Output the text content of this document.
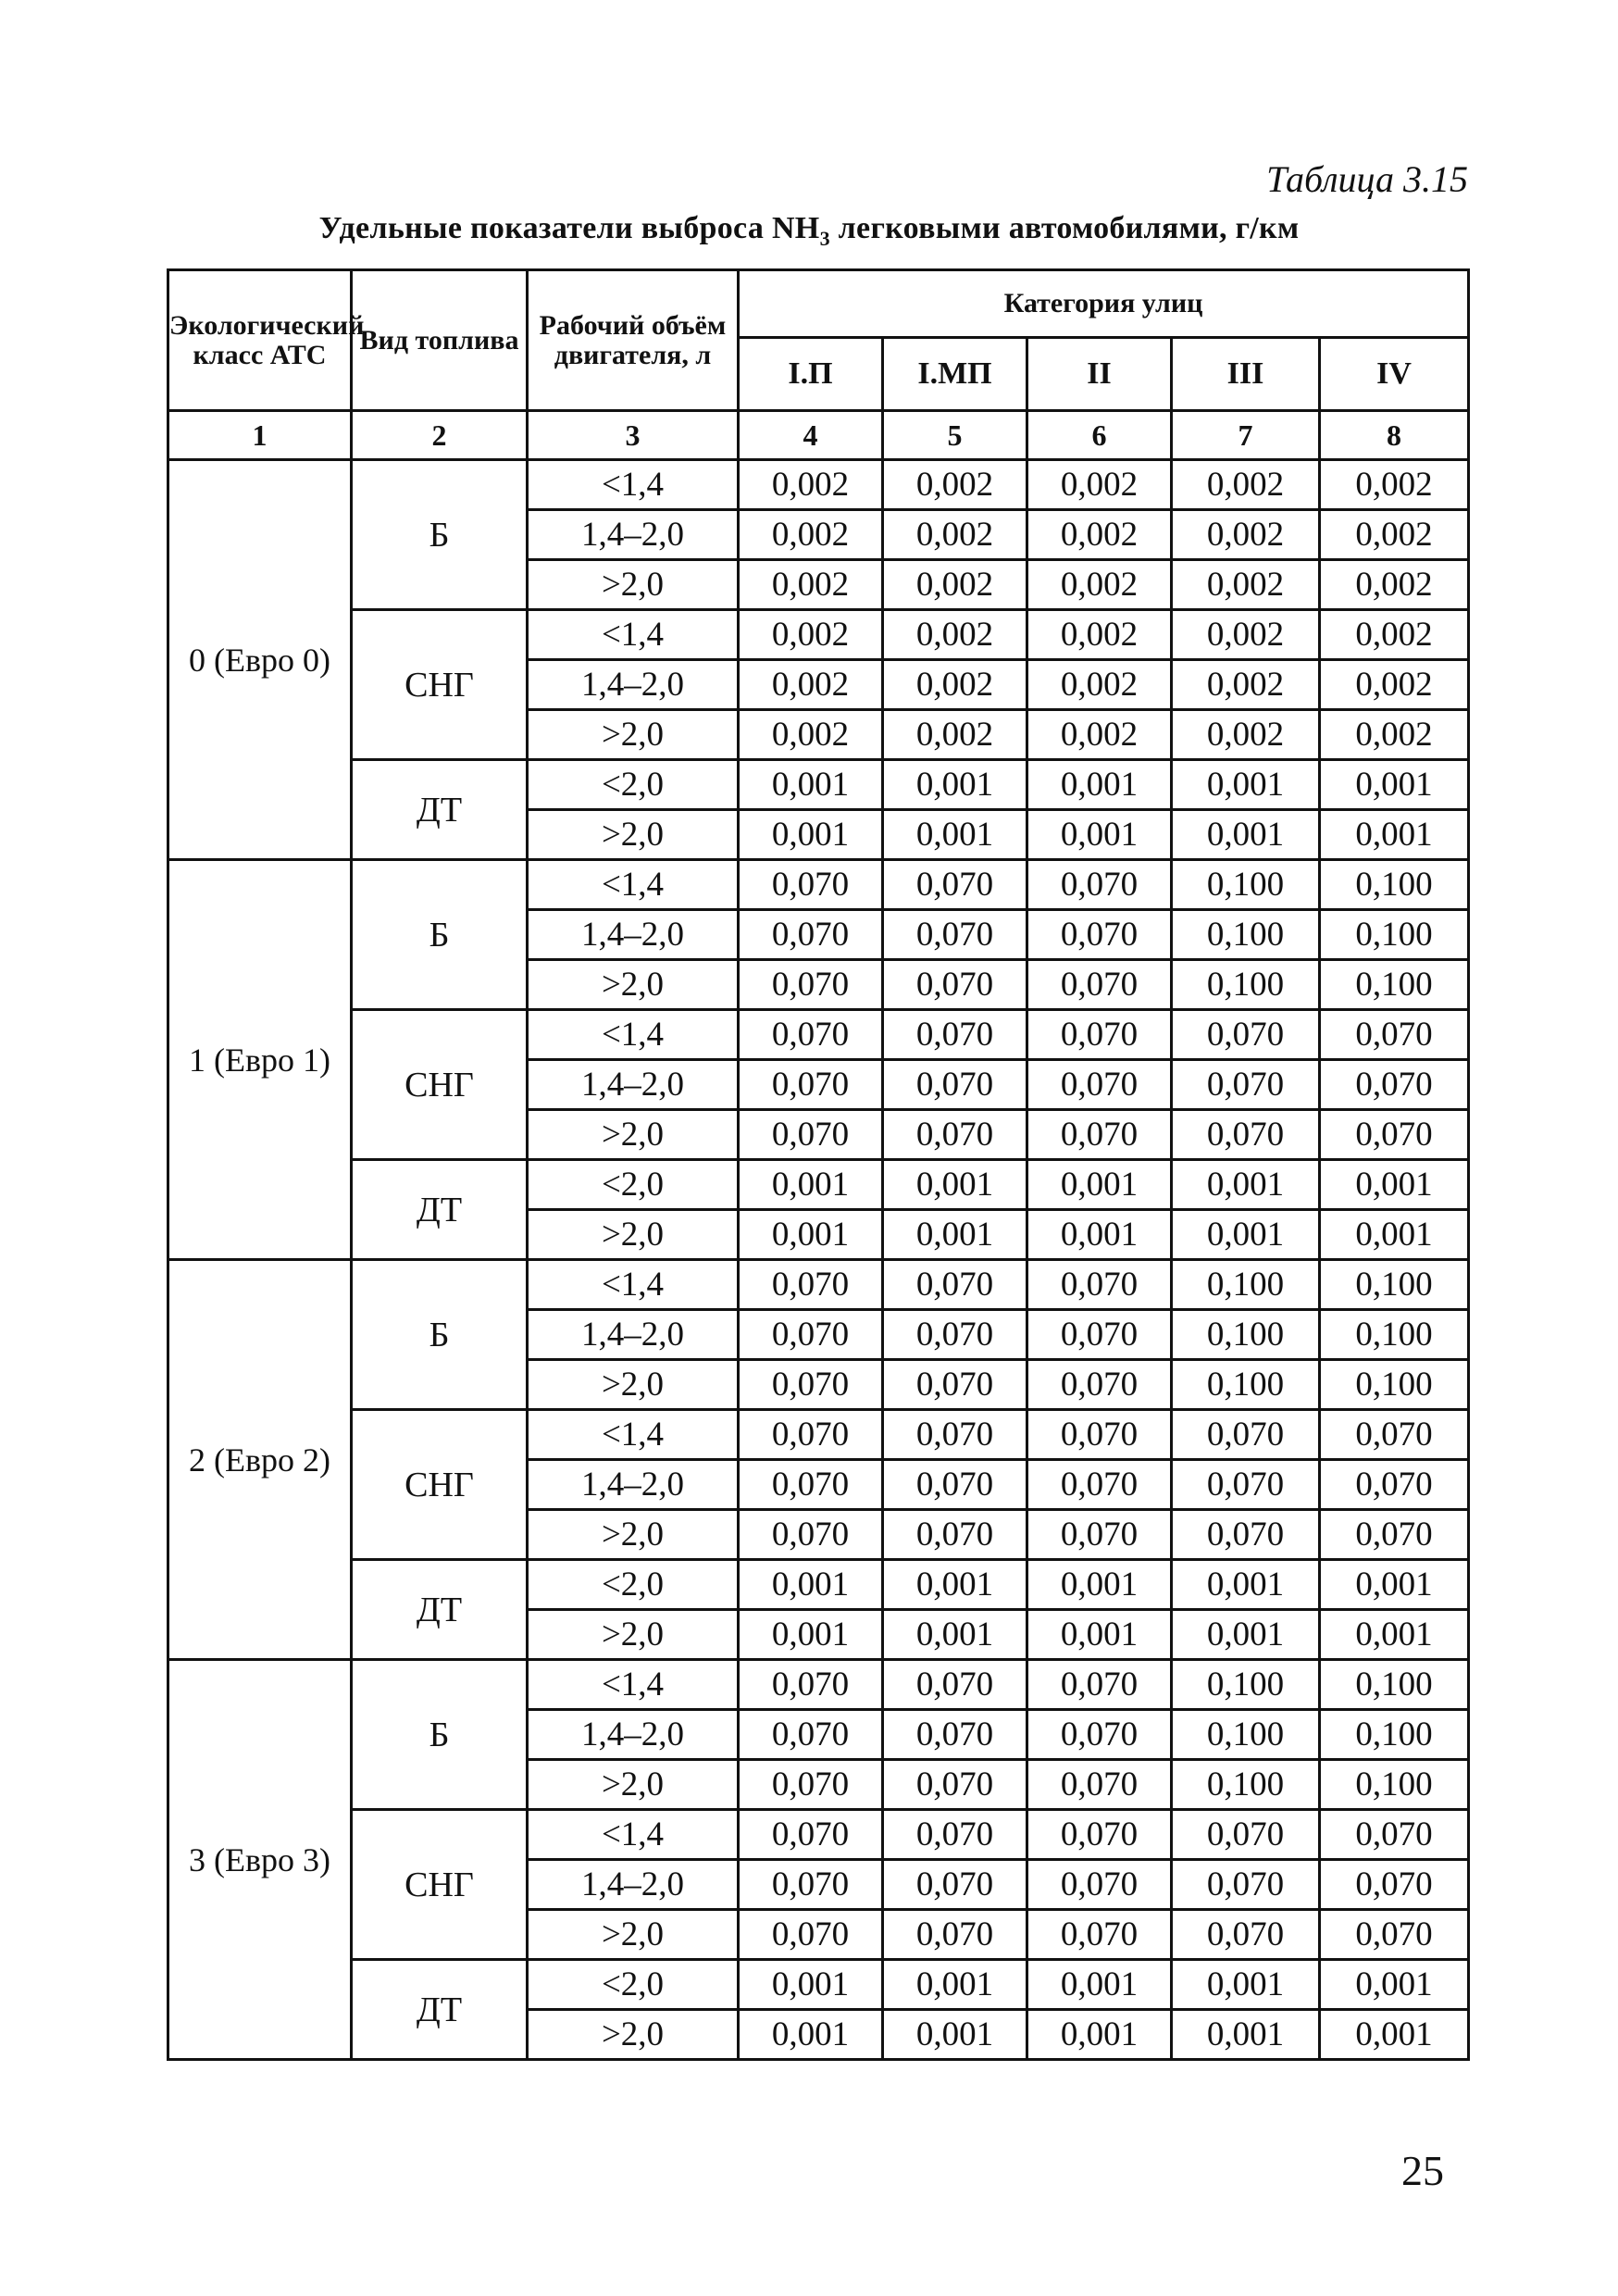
Таблица 3.15
Удельные показатели выброса $NH_3$ легковыми автомобилями, г/км
Экологический класс АТС	Вид топлива	Рабочий объём двигателя, л	Категория улиц				
			I.П	I.МП	II	III	IV
1	2	3	4	5	6	7	8
0 (Евро 0)	Б	<1,4	0,002	0,002	0,002	0,002	0,002
		1,4–2,0	0,002	0,002	0,002	0,002	0,002
		>2,0	0,002	0,002	0,002	0,002	0,002
	СНГ	<1,4	0,002	0,002	0,002	0,002	0,002
		1,4–2,0	0,002	0,002	0,002	0,002	0,002
		>2,0	0,002	0,002	0,002	0,002	0,002
	ДТ	<2,0	0,001	0,001	0,001	0,001	0,001
		>2,0	0,001	0,001	0,001	0,001	0,001
1 (Евро 1)	Б	<1,4	0,070	0,070	0,070	0,100	0,100
		1,4–2,0	0,070	0,070	0,070	0,100	0,100
		>2,0	0,070	0,070	0,070	0,100	0,100
	СНГ	<1,4	0,070	0,070	0,070	0,070	0,070
		1,4–2,0	0,070	0,070	0,070	0,070	0,070
		>2,0	0,070	0,070	0,070	0,070	0,070
	ДТ	<2,0	0,001	0,001	0,001	0,001	0,001
		>2,0	0,001	0,001	0,001	0,001	0,001
2 (Евро 2)	Б	<1,4	0,070	0,070	0,070	0,100	0,100
		1,4–2,0	0,070	0,070	0,070	0,100	0,100
		>2,0	0,070	0,070	0,070	0,100	0,100
	СНГ	<1,4	0,070	0,070	0,070	0,070	0,070
		1,4–2,0	0,070	0,070	0,070	0,070	0,070
		>2,0	0,070	0,070	0,070	0,070	0,070
	ДТ	<2,0	0,001	0,001	0,001	0,001	0,001
		>2,0	0,001	0,001	0,001	0,001	0,001
3 (Евро 3)	Б	<1,4	0,070	0,070	0,070	0,100	0,100
		1,4–2,0	0,070	0,070	0,070	0,100	0,100
		>2,0	0,070	0,070	0,070	0,100	0,100
	СНГ	<1,4	0,070	0,070	0,070	0,070	0,070
		1,4–2,0	0,070	0,070	0,070	0,070	0,070
		>2,0	0,070	0,070	0,070	0,070	0,070
	ДТ	<2,0	0,001	0,001	0,001	0,001	0,001
		>2,0	0,001	0,001	0,001	0,001	0,001
25
